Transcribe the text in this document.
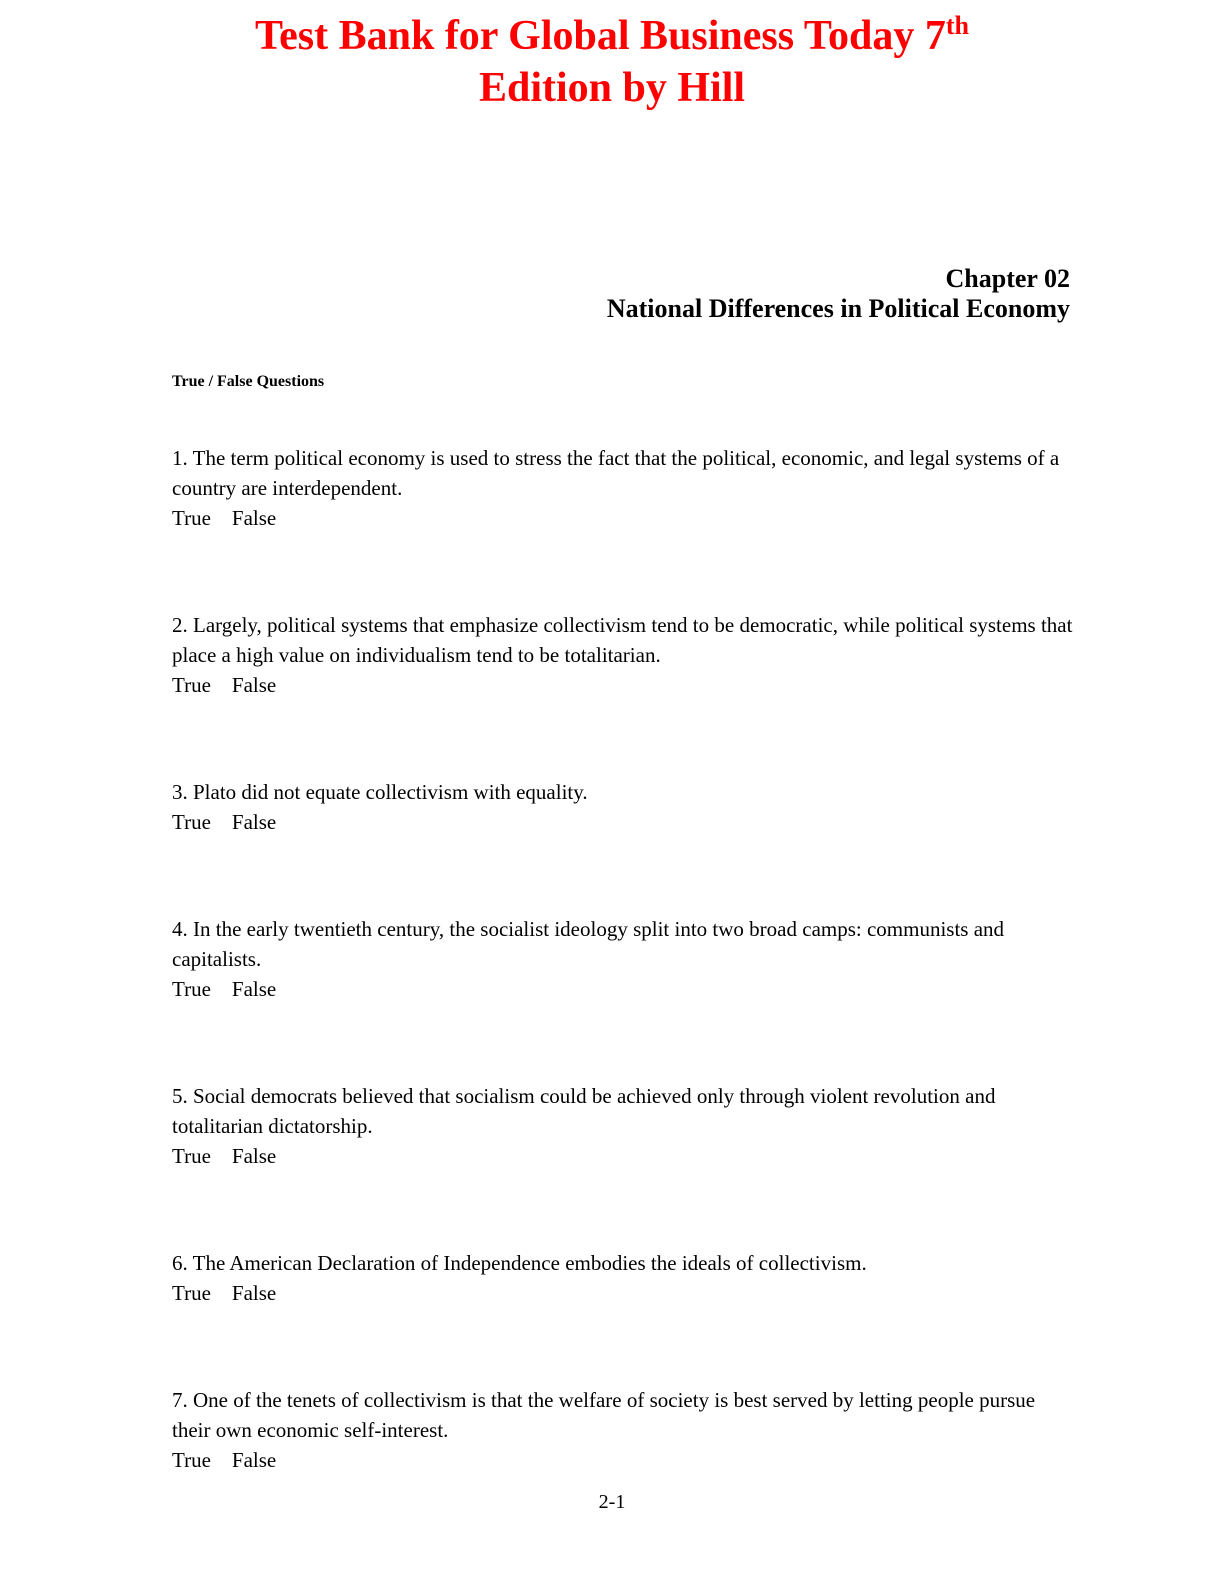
Test Bank for Global Business Today 7th
Edition by Hill
Chapter 02
National Differences in Political Economy
True / False Questions

1. The term political economy is used to stress the fact that the political, economic, and legal systems of a country are interdependent.

True False

2. Largely, political systems that emphasize collectivism tend to be democratic, while political systems that place a high value on individualism tend to be totalitarian.

True False

3. Plato did not equate collectivism with equality.

True False

4. In the early twentieth century, the socialist ideology split into two broad camps: communists and capitalists.

True False

5. Social democrats believed that socialism could be achieved only through violent revolution and totalitarian dictatorship.

True False

6. The American Declaration of Independence embodies the ideals of collectivism.

True False

7. One of the tenets of collectivism is that the welfare of society is best served by letting people pursue their own economic self-interest.

True False

2-1
